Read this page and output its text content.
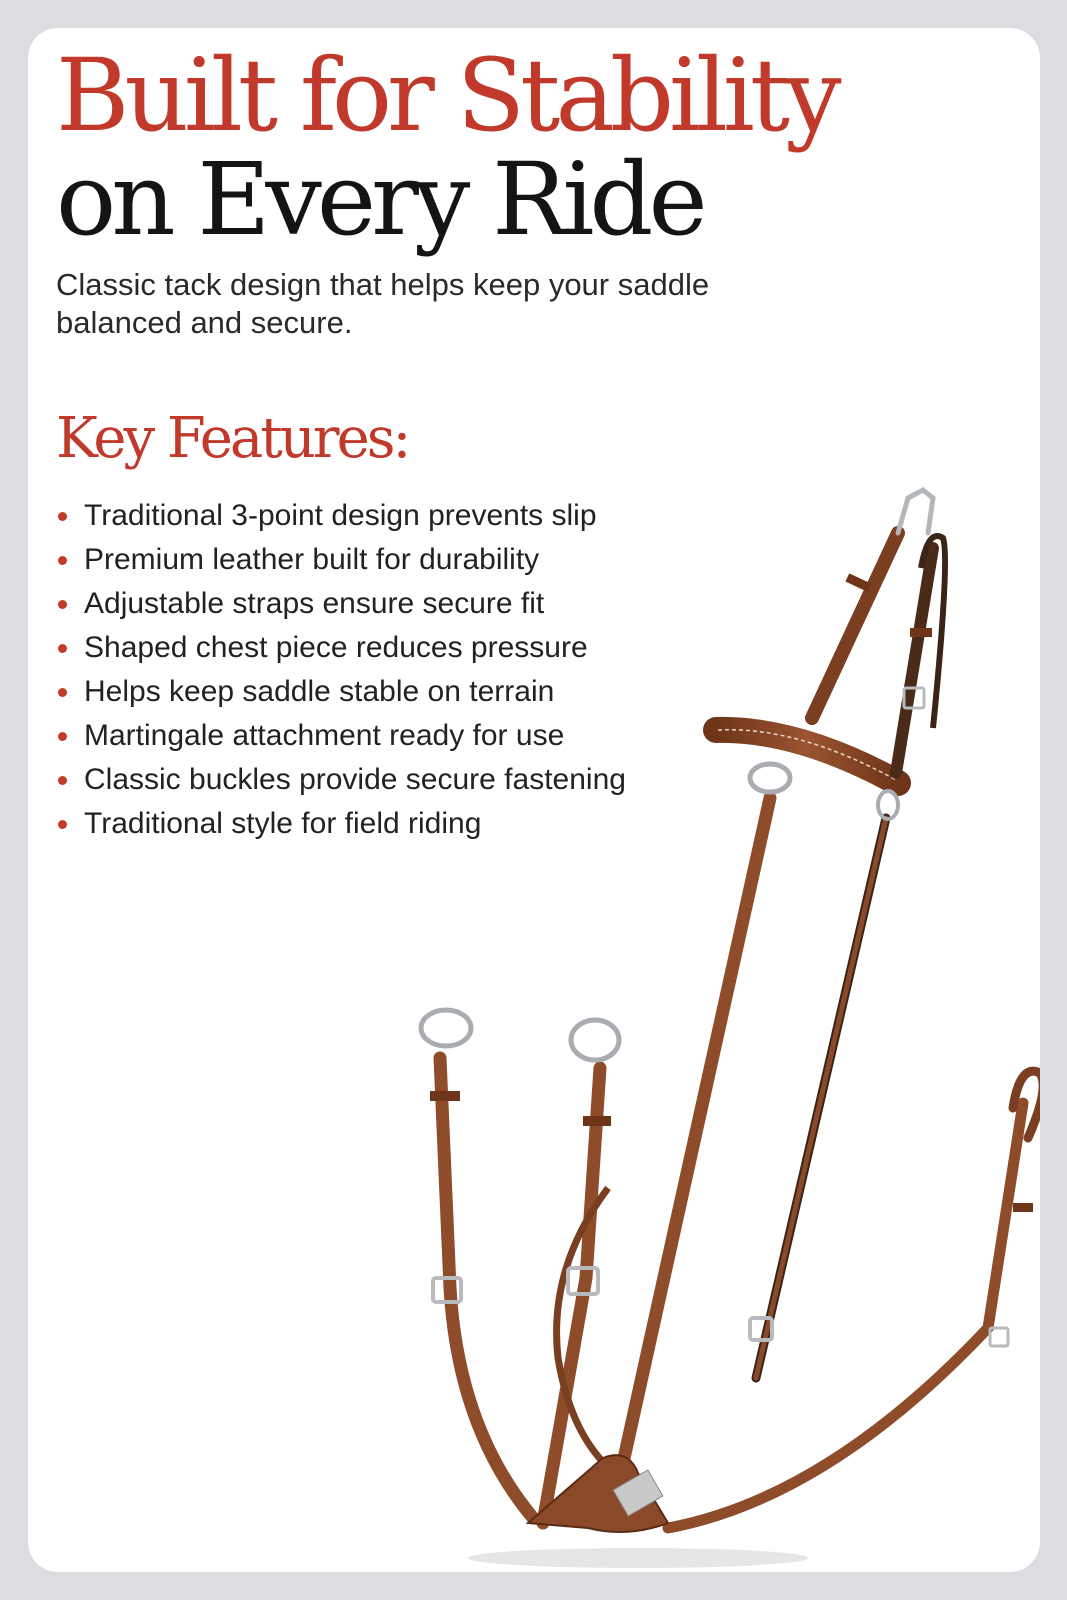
Built for Stability
on Every Ride

Classic tack design that helps keep your saddle balanced and secure.

Key Features:
Traditional 3-point design prevents slip
Premium leather built for durability
Adjustable straps ensure secure fit
Shaped chest piece reduces pressure
Helps keep saddle stable on terrain
Martingale attachment ready for use
Classic buckles provide secure fastening
Traditional style for field riding
